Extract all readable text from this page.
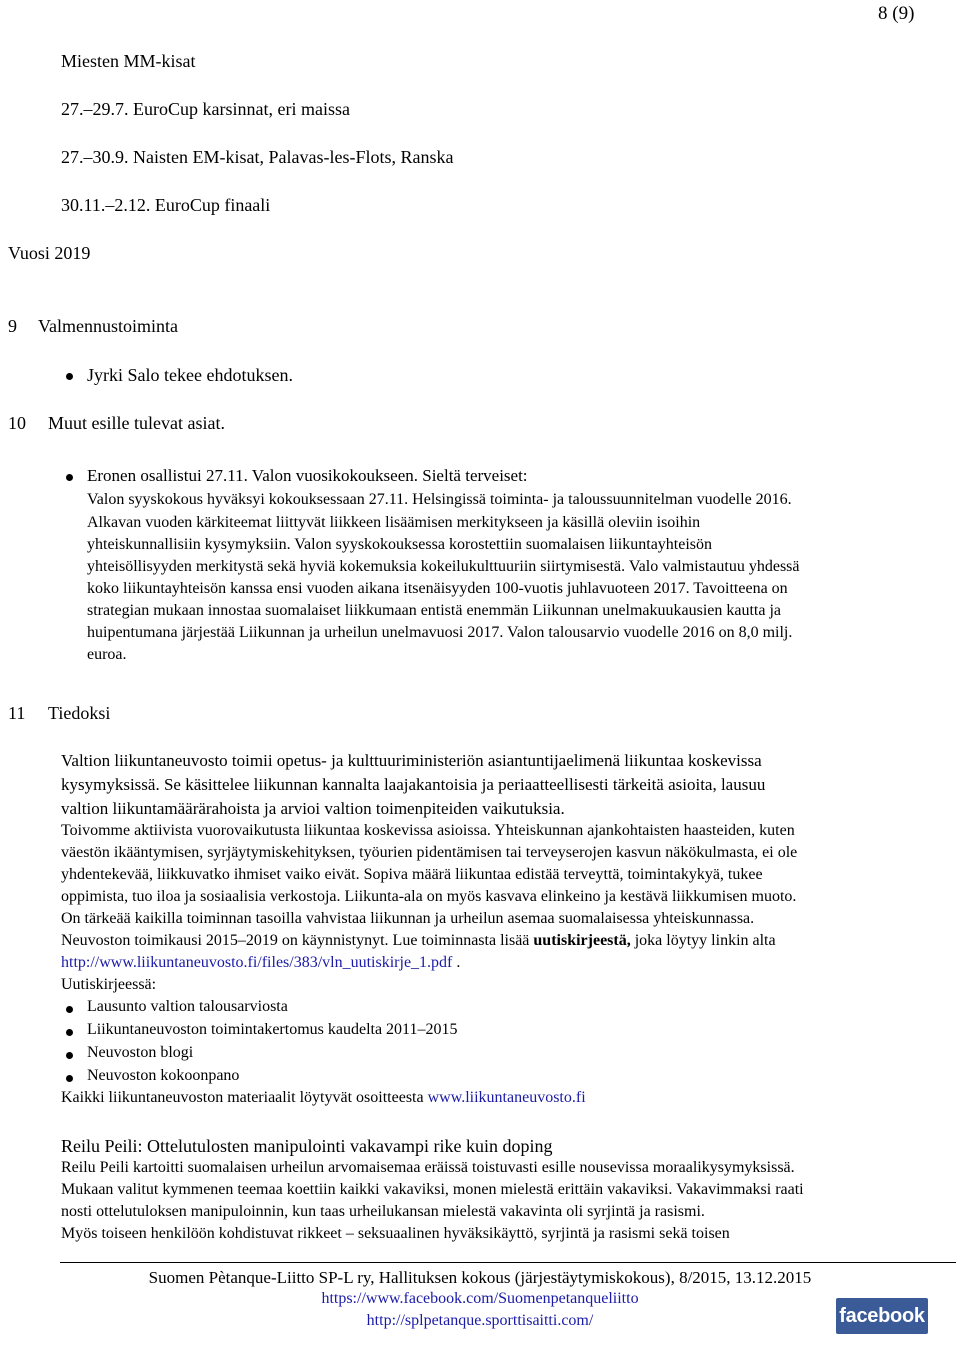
8 (9)
Miesten MM-kisat
27.–29.7. EuroCup karsinnat, eri maissa
27.–30.9. Naisten EM-kisat, Palavas-les-Flots, Ranska
30.11.–2.12. EuroCup finaali
Vuosi 2019
9 Valmennustoiminta
Jyrki Salo tekee ehdotuksen.
10 Muut esille tulevat asiat.
Eronen osallistui 27.11. Valon vuosikokoukseen. Sieltä terveiset:
Valon syyskokous hyväksyi kokouksessaan 27.11. Helsingissä toiminta- ja taloussuunnitelman vuodelle 2016.
Alkavan vuoden kärkiteemat liittyvät liikkeen lisäämisen merkitykseen ja käsillä oleviin isoihin
yhteiskunnallisiin kysymyksiin. Valon syyskokouksessa korostettiin suomalaisen liikuntayhteisön
yhteisöllisyyden merkitystä sekä hyviä kokemuksia kokeilukulttuuriin siirtymisestä. Valo valmistautuu yhdessä
koko liikuntayhteisön kanssa ensi vuoden aikana itsenäisyyden 100-vuotis juhlavuoteen 2017. Tavoitteena on
strategian mukaan innostaa suomalaiset liikkumaan entistä enemmän Liikunnan unelmakuukausien kautta ja
huipentumana järjestää Liikunnan ja urheilun unelmavuosi 2017. Valon talousarvio vuodelle 2016 on 8,0 milj.
euroa.
11 Tiedoksi
Valtion liikuntaneuvosto toimii opetus- ja kulttuuriministeriön asiantuntijaelimenä liikuntaa koskevissa
kysymyksissä. Se käsittelee liikunnan kannalta laajakantoisia ja periaatteellisesti tärkeitä asioita, lausuu
valtion liikuntamäärärahoista ja arvioi valtion toimenpiteiden vaikutuksia.
Toivomme aktiivista vuorovaikutusta liikuntaa koskevissa asioissa. Yhteiskunnan ajankohtaisten haasteiden, kuten
väestön ikääntymisen, syrjäytymiskehityksen, työurien pidentämisen tai terveyserojen kasvun näkökulmasta, ei ole
yhdentekevää, liikkuvatko ihmiset vaiko eivät. Sopiva määrä liikuntaa edistää terveyttä, toimintakykyä, tukee
oppimista, tuo iloa ja sosiaalisia verkostoja. Liikunta-ala on myös kasvava elinkeino ja kestävä liikkumisen muoto.
On tärkeää kaikilla toiminnan tasoilla vahvistaa liikunnan ja urheilun asemaa suomalaisessa yhteiskunnassa.
Neuvoston toimikausi 2015–2019 on käynnistynyt. Lue toiminnasta lisää uutiskirjeestä, joka löytyy linkin alta
http://www.liikuntaneuvosto.fi/files/383/vln_uutiskirje_1.pdf .
Uutiskirjeessä:
Lausunto valtion talousarviosta
Liikuntaneuvoston toimintakertomus kaudelta 2011–2015
Neuvoston blogi
Neuvoston kokoonpano
Kaikki liikuntaneuvoston materiaalit löytyvät osoitteesta www.liikuntaneuvosto.fi
Reilu Peili: Ottelutulosten manipulointi vakavampi rike kuin doping
Reilu Peili kartoitti suomalaisen urheilun arvomaisemaa eräissä toistuvasti esille nousevissa moraalikysymyksissä.
Mukaan valitut kymmenen teemaa koettiin kaikki vakaviksi, monen mielestä erittäin vakaviksi. Vakavimmaksi raati
nosti ottelutuloksen manipuloinnin, kun taas urheilukansan mielestä vakavinta oli syrjintä ja rasismi.
Myös toiseen henkilöön kohdistuvat rikkeet – seksuaalinen hyväksikäyttö, syrjintä ja rasismi sekä toisen
Suomen Pètanque-Liitto SP-L ry, Hallituksen kokous (järjestäytymiskokous), 8/2015, 13.12.2015
https://www.facebook.com/Suomenpetanqueliitto
http://splpetanque.sporttisaitti.com/	facebook
